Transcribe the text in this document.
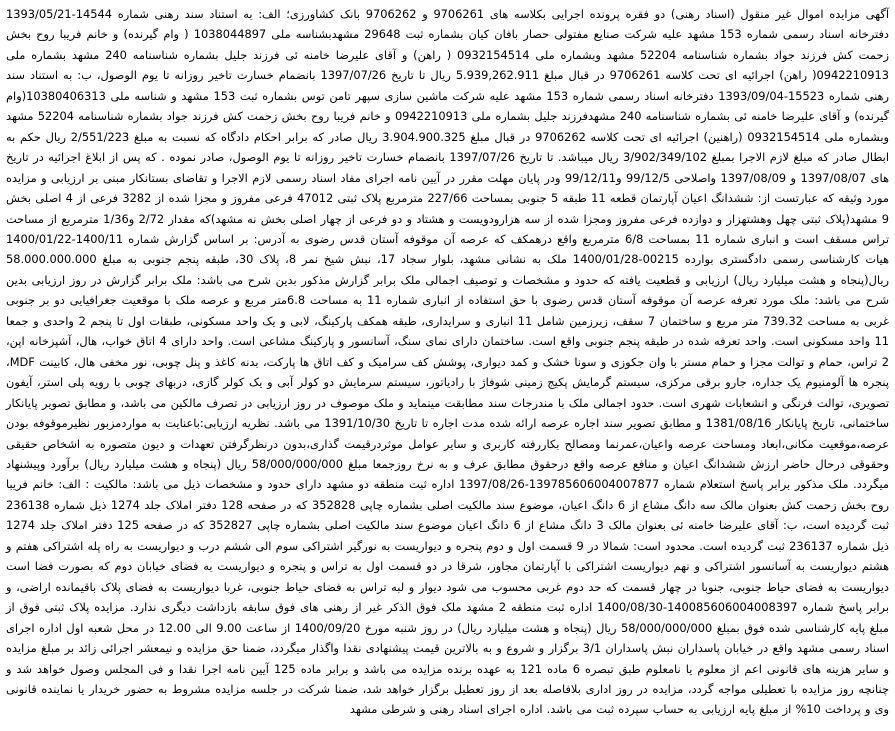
آگهی مزایده اموال غیر منقول (اسناد رهنی) دو فقره پرونده اجرایی بکلاسه های 9706261 و 9706262 بانک کشاورزی؛ الف: به استناد سند رهنی شماره 14544-1393/05/21 دفترخانه اسناد رسمی شماره 153 مشهد علیه شرکت صنایع مفتولی حصار بافان کیان بشماره ثبت 29648 مشهدبشناسه ملی 1038044897 ( وام گیرنده) و خانم فریبا روح بخش زحمت کش فرزند جواد بشماره شناسنامه 52204 مشهد وبشماره ملی 0932154514 ( راهن) و آقای علیرضا خامنه ئی فرزند جلیل بشماره شناسنامه 240 مشهد بشماره ملی 0942210913( راهن) اجرائیه ای تحت کلاسه 9706261 در قبال مبلغ 5.939,262.911 ریال تا تاریخ 1397/07/26 بانضمام خسارت تاخیر روزانه تا یوم الوصول، ب: به استناد سند رهنی شماره 15523-1393/09/04 دفترخانه اسناد رسمی شماره 153 مشهد علیه شرکت ماشین سازی سپهر تامن توس بشماره ثبت 153 مشهد و شناسه ملی 10380406313(وام گیرنده) و آقای علیرضا خامنه ئی بشماره شناسنامه 240 مشهدفرزند جلیل بشماره ملی 0942210913 و خانم فریبا روح بخش زحمت کش فرزند جواد بشماره شناسنامه 52204 مشهد وبشماره ملی 0932154514 (راهنین) اجرائیه ای تحت کلاسه 9706262 در قبال مبلغ 3.904.900.325 ریال صادر که برابر احکام دادگاه که نسبت به مبلغ 2/551/223 ریال حکم به ابطال صادر که مبلغ لازم الاجرا بمبلغ 3/902/349/102 ریال میباشد. تا تاریخ 1397/07/26 بانضمام خسارت تاخیر روزانه تا یوم الوصول، صادر نموده . که پس از ابلاغ اجرائیه در تاریخ های 1397/08/07 و 1397/08/09 واصلاحی 99/12/5 و99/12/11 ودر پایان مهلت مقرر در آیین نامه اجرای مفاد اسناد رسمی لازم الاجرا و تقاضای بستانکار مبنی بر ارزیابی و مزایده مورد وثیقه که عبارتست از: ششدانگ اعیان آپارتمان قطعه 11 طبقه 5 جنوبی بمساحت 227/66 مترمربع پلاک ثبتی 47012 فرعی مفروز و مجزا شده از 3282 فرعی از 4 اصلی بخش 9 مشهد(پلاک ثبتی چهل وهشتهزار و دوازده فرعی مفروز ومجزا شده از سه هزارودویست و هشتاد و دو فرعی از چهار اصلی بخش نه مشهد)که مقدار 2/72 و1/36 مترمربع از مساحت تراس مسقف است و انباری شماره 11 بمساحت 6/8 مترمربع واقع درهمکف که عرصه آن موقوفه آستان قدس رضوی به آدرس: بر اساس گزارش شماره 1400/11-1400/01/22 هیات کارشناسی رسمی دادگستری بوارده 00215-1400/01/28 ملک به نشانی مشهد، بلوار سجاد 17، نبش شیخ نمر 8، پلاک 30، طبقه پنجم جنوبی به مبلغ 58.000.000.000 ریال(پنجاه و هشت میلیارد ریال) ارزیابی و قطعیت یافته که حدود و مشخصات و توصیف اجمالی ملک برابر گزارش مذکور بدین شرح می باشد: ملک برابر گزارش در روز ارزیابی بدین شرح می باشد: ملک مورد تعرفه عرصه آن موقوفه آستان قدس رضوی با حق استفاده از انباری شماره 11 به مساحت 6.8متر مربع و عرصه ملک با موقعیت جغرافیایی دو بر جنوبی غربی به مساحت 739.32 متر مربع و ساختمان 7 سقف، زیرزمین شامل 11 انباری و سرایداری، طبقه همکف پارکینگ، لابی و یک واحد مسکونی، طبقات اول تا پنجم 2 واحدی و جمعا 11 واحد مسکونی است. واحد تعرفه شده در طبقه پنجم جنوبی واقع است. ساختمان دارای نمای سنگ، آسانسور و پارکینگ مشاعی است. واحد دارای 4 اتاق خواب، هال، آشپزخانه اپن، 2 تراس، حمام و توالت مجزا و حمام مستر با وان جکوزی و سونا خشک و کمد دیواری، پوشش کف سرامیک و کف اتاق ها پارکت، بدنه کاغذ و پنل چوبی، نور مخفی هال، کابینت MDF، پنجره ها آلومنیوم یک جداره، جارو برقی مرکزی، سیستم گرمایش پکیج زمینی شوفاژ با رادیاتور، سیستم سرمایش دو کولر آبی و یک کولر گازی، دربهای چوبی با رویه پلی استر، آیفون تصویری، توالت فرنگی و انشعابات شهری است. حدود اجمالی ملک با مندرجات سند مطابقت مینماید و ملک موصوف در روز ارزیابی در تصرف مالکین می باشد، و مطابق تصویر پایانکار ساختمانی، تاریخ پایانکار 1381/08/16 و مطابق تصویر سند اجاره عرصه ارائه شده مدت اجاره تا تاریخ 1391/10/30 می باشد. نظریه ارزیابی:باعنایت به مواردمزبور نظیرموقوفه بودن عرصه،موقعیت مکانی،ابعاد ومساحت عرصه واعیان،عمرنما ومصالح بکاررفته کاربری و سایر عوامل موثردرقیمت گذاری،بدون درنظرگرفتن تعهدات و دیون متصوره به اشخاص حقیقی وحقوقی درحال حاضر ارزش ششدانگ اعیان و منافع عرصه واقع درحقوق مطابق عرف و به نرخ روزجمعا مبلغ 58/000/000/000 ریال (پنجاه و هشت میلیارد ریال) برآورد وپیشنهاد میگردد. ملک مذکور برابر پاسخ استعلام شماره 139785606004007877-1397/08/26 اداره ثبت منطقه دو مشهد دارای حدود و مشخصات ذیل می باشد: مالکیت : الف: خانم فریبا روح بخش زحمت کش بعنوان مالک سه دانگ مشاع از 6 دانگ اعیان، موضوع سند مالکیت اصلی بشماره چاپی 352828 که در صفحه 128 دفتر املاک جلد 1274 ذیل شماره 236138 ثبت گردیده است، ب: آقای علیرضا خامنه ئی بعنوان مالک 3 دانگ مشاع از 6 دانگ اعیان موضوع سند مالکیت اصلی بشماره چاپی 352827 که در صفحه 125 دفتر املاک جلد 1274 ذیل شماره 236137 ثبت گردیده است. محدود است: شمالا در 9 قسمت اول و دوم پنجره و دیواریست به نورگیر اشتراکی سوم الی ششم درب و دیواریست به راه پله اشتراکی هفتم و هشتم دیواریست به آسانسور اشتراکی و نهم دیواریست اشتراکی با آپارتمان مجاور، شرقا در دو قسمت اول به تراس و پنجره و دیواریست به فضای خیابان دوم که بصورت فضا است دیواریست به فضای حیاط جنوبی، جنوبا در چهار قسمت که حد دوم غربی محسوب می شود دیوار و لبه تراس به فضای حیاط جنوبی، غربا دیواریست به فضای پلاک باقیمانده اراضی، و برابر پاسخ شماره 140085606004008397-1400/08/30 اداره ثبت منطقه 2 مشهد ملک فوق الذکر غیر از رهنی های فوق سابقه بازداشت دیگری ندارد. مزایده پلاک ثبتی فوق از مبلغ پایه کارشناسی شده فوق بمبلغ 58/000/000/000 ریال (پنجاه و هشت میلیارد ریال) در روز شنبه مورخ 1400/09/20 از ساعت 9.00 الی 12.00 در محل شعبه اول اداره اجرای اسناد رسمی مشهد واقع در خیابان پاسداران نبش پاسداران 3/1 برگزار و شروع و به بالاترین قیمت پیشنهادی نقدا واگذار میگردد، ضمنا حق مزایده و نیمعشر اجرائی زائد بر مبلغ مزایده و سایر هزینه های قانونی اعم از معلوم یا نامعلوم طبق تبصره 6 ماده 121 به عهده برنده مزایده می باشد و برابر ماده 125 آیین نامه اجرا نقدا و فی المجلس وصول خواهد شد و چنانچه روز مزایده با تعطیلی مواجه گردد، مزایده در روز اداری بلافاصله بعد از روز تعطیل برگزار خواهد شد، ضمنا شرکت در جلسه مزایده مشروط به حضور خریدار یا نماینده قانونی وی و پرداخت 10% از مبلغ پایه ارزیابی به حساب سپرده ثبت می باشد. اداره اجرای اسناد رهنی و شرطی مشهد
